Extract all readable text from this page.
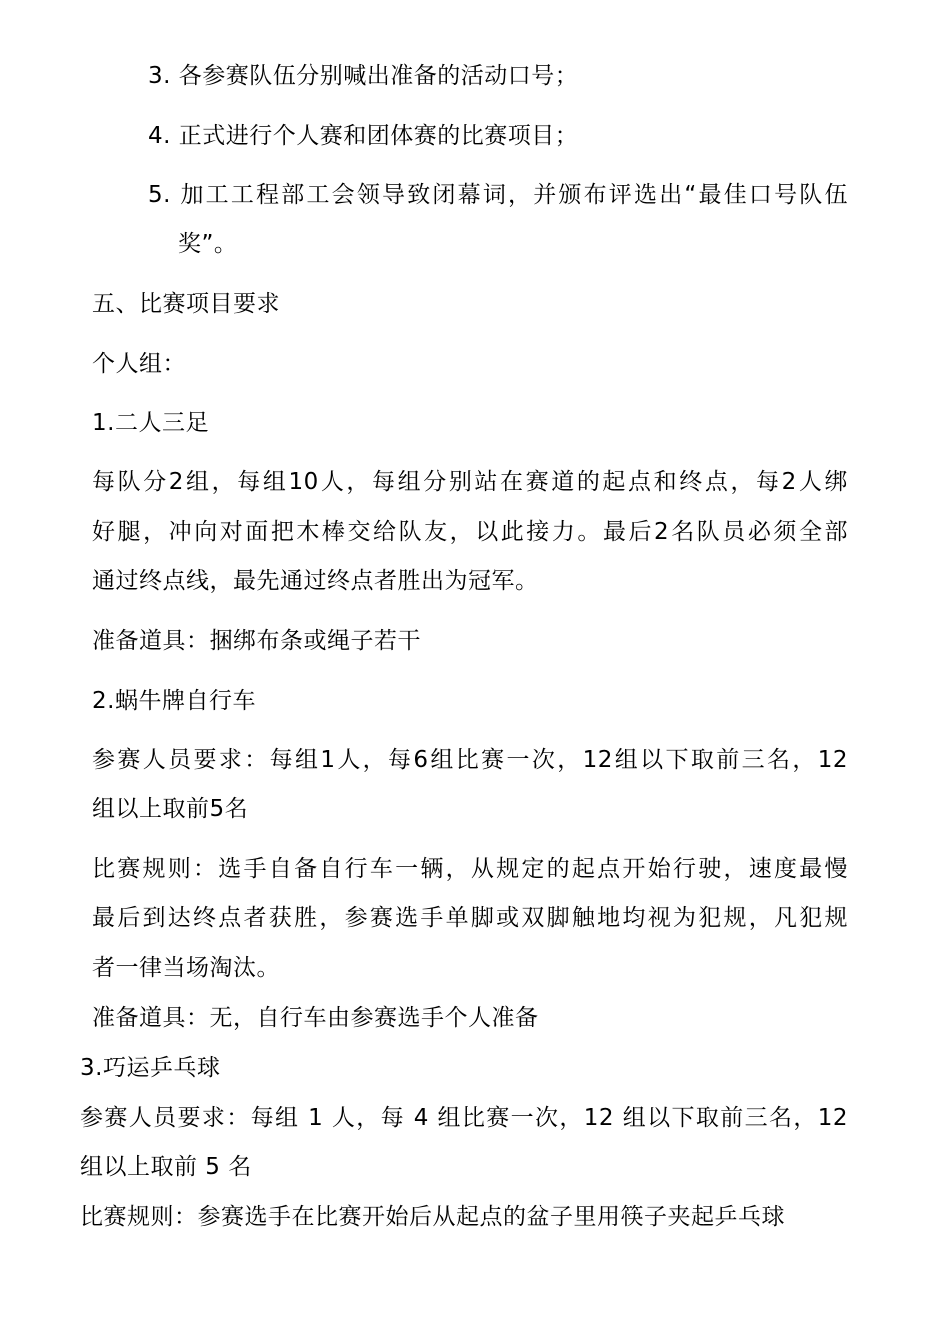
3. 各参赛队伍分别喊出准备的活动口号；
4. 正式进行个人赛和团体赛的比赛项目；
5. 加工工程部工会领导致闭幕词，并颁布评选出“最佳口号队伍
奖”。
五、比赛项目要求
个人组：
1.二人三足
每队分2组，每组10人，每组分别站在赛道的起点和终点，每2人绑
好腿，冲向对面把木棒交给队友，以此接力。最后2名队员必须全部
通过终点线，最先通过终点者胜出为冠军。
准备道具：捆绑布条或绳子若干
2.蜗牛牌自行车
参赛人员要求：每组1人，每6组比赛一次，12组以下取前三名，12
组以上取前5名
比赛规则：选手自备自行车一辆，从规定的起点开始行驶，速度最慢
最后到达终点者获胜，参赛选手单脚或双脚触地均视为犯规，凡犯规
者一律当场淘汰。
准备道具：无，自行车由参赛选手个人准备
3.巧运乒乓球
参赛人员要求：每组 1 人，每 4 组比赛一次，12 组以下取前三名，12
组以上取前 5 名
比赛规则：参赛选手在比赛开始后从起点的盆子里用筷子夹起乒乓球
